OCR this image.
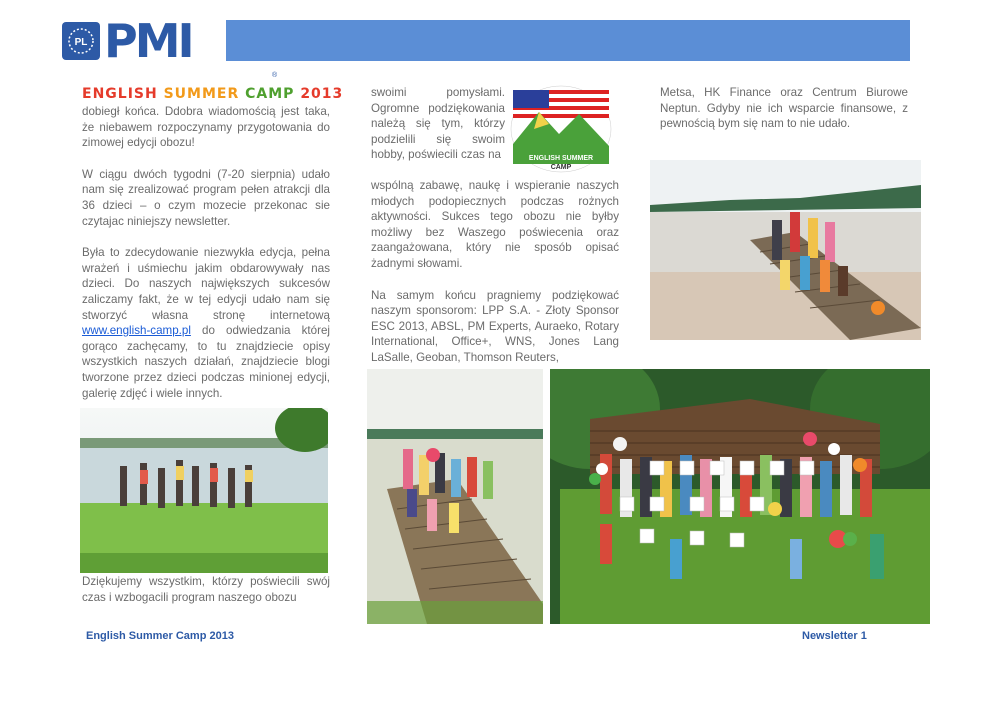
PL PMI
®
ENGLISH SUMMER CAMP 2013

dobiegł końca. Ddobra wiadomością jest taka, że niebawem rozpoczynamy przygotowania do zimowej edycji obozu!

W ciągu dwóch tygodni (7-20 sierpnia) udało nam się zrealizować program pełen atrakcji dla 36 dzieci – o czym mozecie przekonac sie czytajac niniejszy newsletter.

Była to zdecydowanie niezwykła edycja, pełna wrażeń i uśmiechu jakim obdarowywały nas dzieci. Do naszych największych sukcesów zaliczamy fakt, że w tej edycji udało nam się stworzyć własna stronę internetową www.english-camp.pl do odwiedzania której gorąco zachęcamy, to tu znajdziecie opisy wszystkich naszych działań, znajdziecie blogi tworzone przez dzieci podczas minionej edycji, galerię zdjęć i wiele innych.

Dziękujemy wszystkim, którzy poświecili swój czas i wzbogacili program naszego obozu

swoimi pomysłami. Ogromne podziękowania należą się tym, którzy podzielili się swoim hobby, poświecili czas na	ENGLISH SUMMER
CAMP

wspólną zabawę, naukę i wspieranie naszych młodych podopiecznych podczas rożnych aktywności. Sukces tego obozu nie byłby możliwy bez Waszego poświecenia oraz zaangażowana, który nie sposób opisać żadnymi słowami.

Na samym końcu pragniemy podziękować naszym sponsorom: LPP S.A. - Złoty Sponsor ESC 2013, ABSL, PM Experts, Auraeko, Rotary International, Office+, WNS, Jones Lang LaSalle, Geoban, Thomson Reuters,

Metsa, HK Finance oraz Centrum Biurowe Neptun. Gdyby nie ich wsparcie finansowe, z pewnością bym się nam to nie udało.

English Summer Camp 2013	Newsletter 1
